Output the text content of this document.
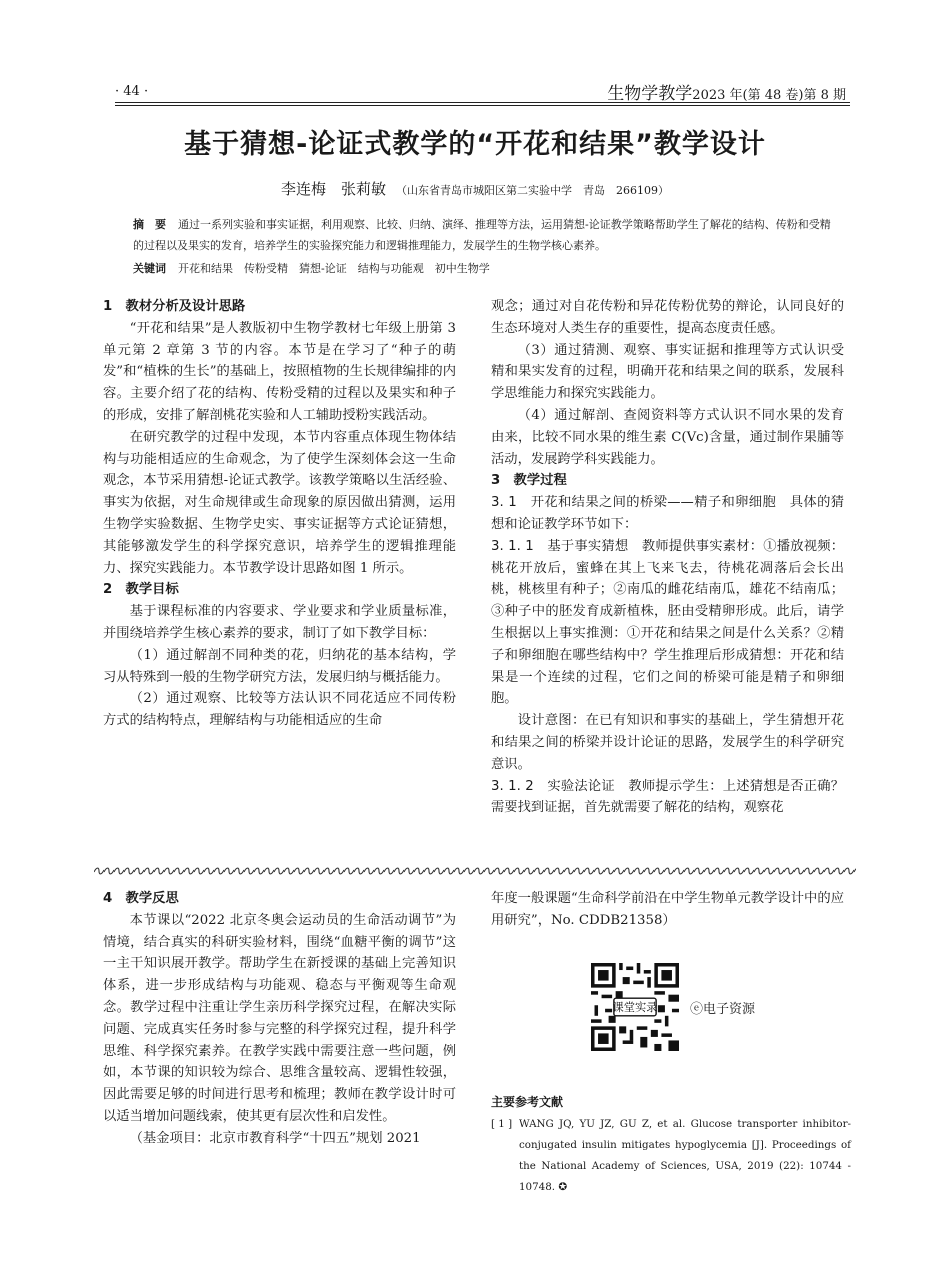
· 44 ·	生物学教学2023 年(第 48 卷)第 8 期
基于猜想-论证式教学的“开花和结果”教学设计
李连梅　张莉敏 （山东省青岛市城阳区第二实验中学　青岛　266109）
摘　要 通过一系列实验和事实证据，利用观察、比较、归纳、演绎、推理等方法，运用猜想-论证教学策略帮助学生了解花的结构、传粉和受精的过程以及果实的发育，培养学生的实验探究能力和逻辑推理能力，发展学生的生物学核心素养。
关键词 开花和结果　传粉受精　猜想-论证　结构与功能观　初中生物学

1　教材分析及设计思路

“开花和结果”是人教版初中生物学教材七年级上册第 3 单元第 2 章第 3 节的内容。本节是在学习了“种子的萌发”和“植株的生长”的基础上，按照植物的生长规律编排的内容。主要介绍了花的结构、传粉受精的过程以及果实和种子的形成，安排了解剖桃花实验和人工辅助授粉实践活动。

在研究教学的过程中发现，本节内容重点体现生物体结构与功能相适应的生命观念，为了使学生深刻体会这一生命观念，本节采用猜想-论证式教学。该教学策略以生活经验、事实为依据，对生命规律或生命现象的原因做出猜测，运用生物学实验数据、生物学史实、事实证据等方式论证猜想，其能够激发学生的科学探究意识，培养学生的逻辑推理能力、探究实践能力。本节教学设计思路如图 1 所示。

2　教学目标

基于课程标准的内容要求、学业要求和学业质量标准，并围绕培养学生核心素养的要求，制订了如下教学目标：

（1）通过解剖不同种类的花，归纳花的基本结构，学习从特殊到一般的生物学研究方法，发展归纳与概括能力。

（2）通过观察、比较等方法认识不同花适应不同传粉方式的结构特点，理解结构与功能相适应的生命

观念；通过对自花传粉和异花传粉优势的辩论，认同良好的生态环境对人类生存的重要性，提高态度责任感。

（3）通过猜测、观察、事实证据和推理等方式认识受精和果实发育的过程，明确开花和结果之间的联系，发展科学思维能力和探究实践能力。

（4）通过解剖、查阅资料等方式认识不同水果的发育由来，比较不同水果的维生素 C(Vc)含量，通过制作果脯等活动，发展跨学科实践能力。

3　教学过程

3. 1　开花和结果之间的桥梁——精子和卵细胞　 具体的猜想和论证教学环节如下：

3. 1. 1　基于事实猜想　 教师提供事实素材：①播放视频：桃花开放后，蜜蜂在其上飞来飞去，待桃花凋落后会长出桃，桃核里有种子；②南瓜的雌花结南瓜，雄花不结南瓜；③种子中的胚发育成新植株，胚由受精卵形成。此后，请学生根据以上事实推测：①开花和结果之间是什么关系？②精子和卵细胞在哪些结构中？学生推理后形成猜想：开花和结果是一个连续的过程，它们之间的桥梁可能是精子和卵细胞。

设计意图：在已有知识和事实的基础上，学生猜想开花和结果之间的桥梁并设计论证的思路，发展学生的科学研究意识。

3. 1. 2　实验法论证　 教师提示学生：上述猜想是否正确？需要找到证据，首先就需要了解花的结构，观察花

4　教学反思

本节课以“2022 北京冬奥会运动员的生命活动调节”为情境，结合真实的科研实验材料，围绕“血糖平衡的调节”这一主干知识展开教学。帮助学生在新授课的基础上完善知识体系，进一步形成结构与功能观、稳态与平衡观等生命观念。教学过程中注重让学生亲历科学探究过程，在解决实际问题、完成真实任务时参与完整的科学探究过程，提升科学思维、科学探究素养。在教学实践中需要注意一些问题，例如，本节课的知识较为综合、思维含量较高、逻辑性较强，因此需要足够的时间进行思考和梳理；教师在教学设计时可以适当增加问题线索，使其更有层次性和启发性。

（基金项目：北京市教育科学“十四五”规划 2021

年度一般课题“生命科学前沿在中学生物单元教学设计中的应用研究”，No. CDDB21358）

课堂实录 ⓔ电子资源
主要参考文献
[ 1 ] WANG JQ, YU JZ, GU Z, et al. Glucose transporter inhibitor-conjugated insulin mitigates hypoglycemia [J]. Proceedings of the National Academy of Sciences, USA, 2019 (22): 10744 - 10748. ✪
